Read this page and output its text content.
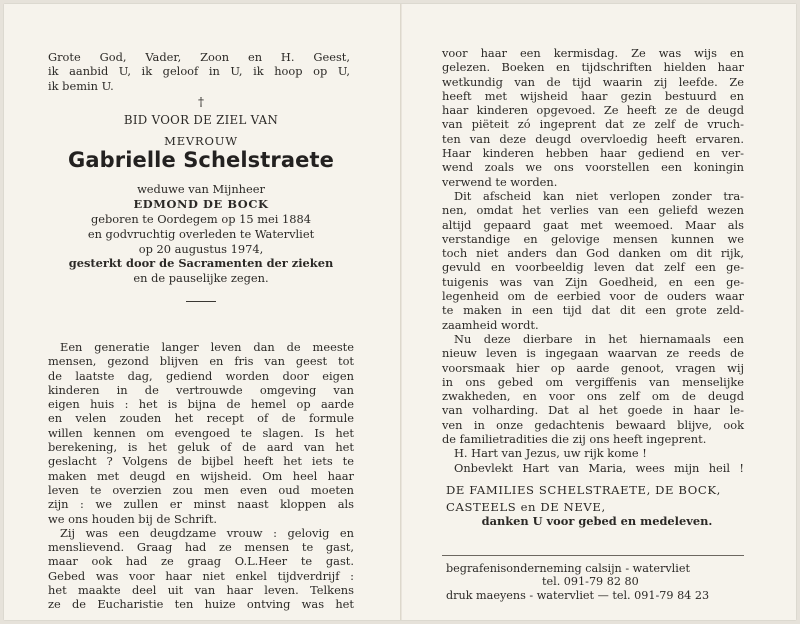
Grote God, Vader, Zoon en H. Geest,
ik aanbid U, ik geloof in U, ik hoop op U,
ik bemin U.
†
BID VOOR DE ZIEL VAN
MEVROUW
Gabrielle Schelstraete
weduwe van Mijnheer
EDMOND DE BOCK
geboren te Oordegem op 15 mei 1884
en godvruchtig overleden te Watervliet
op 20 augustus 1974,
gesterkt door de Sacramenten der zieken
en de pauselijke zegen.
Een generatie langer leven dan de meeste
mensen, gezond blijven en fris van geest tot
de laatste dag, gediend worden door eigen
kinderen in de vertrouwde omgeving van
eigen huis : het is bijna de hemel op aarde
en velen zouden het recept of de formule
willen kennen om evengoed te slagen. Is het
berekening, is het geluk of de aard van het
geslacht ? Volgens de bijbel heeft het iets te
maken met deugd en wijsheid. Om heel haar
leven te overzien zou men even oud moeten
zijn : we zullen er minst naast kloppen als
we ons houden bij de Schrift.
Zij was een deugdzame vrouw : gelovig en
menslievend. Graag had ze mensen te gast,
maar ook had ze graag O.L.Heer te gast.
Gebed was voor haar niet enkel tijdverdrijf :
het maakte deel uit van haar leven. Telkens
ze de Eucharistie ten huize ontving was het
voor haar een kermisdag. Ze was wijs en
gelezen. Boeken en tijdschriften hielden haar
wetkundig van de tijd waarin zij leefde. Ze
heeft met wijsheid haar gezin bestuurd en
haar kinderen opgevoed. Ze heeft ze de deugd
van piëteit zó ingeprent dat ze zelf de vruch-
ten van deze deugd overvloedig heeft ervaren.
Haar kinderen hebben haar gediend en ver-
wend zoals we ons voorstellen een koningin
verwend te worden.
Dit afscheid kan niet verlopen zonder tra-
nen, omdat het verlies van een geliefd wezen
altijd gepaard gaat met weemoed. Maar als
verstandige en gelovige mensen kunnen we
toch niet anders dan God danken om dit rijk,
gevuld en voorbeeldig leven dat zelf een ge-
tuigenis was van Zijn Goedheid, en een ge-
legenheid om de eerbied voor de ouders waar
te maken in een tijd dat dit een grote zeld-
zaamheid wordt.
Nu deze dierbare in het hiernamaals een
nieuw leven is ingegaan waarvan ze reeds de
voorsmaak hier op aarde genoot, vragen wij
in ons gebed om vergiffenis van menselijke
zwakheden, en voor ons zelf om de deugd
van volharding. Dat al het goede in haar le-
ven in onze gedachtenis bewaard blijve, ook
de familietradities die zij ons heeft ingeprent.
H. Hart van Jezus, uw rijk kome !
Onbevlekt Hart van Maria, wees mijn heil !
DE FAMILIES SCHELSTRAETE, DE BOCK,
CASTEELS en DE NEVE,
danken U voor gebed en medeleven.
begrafenisonderneming calsijn - watervliet
tel. 091-79 82 80
druk maeyens - watervliet — tel. 091-79 84 23
